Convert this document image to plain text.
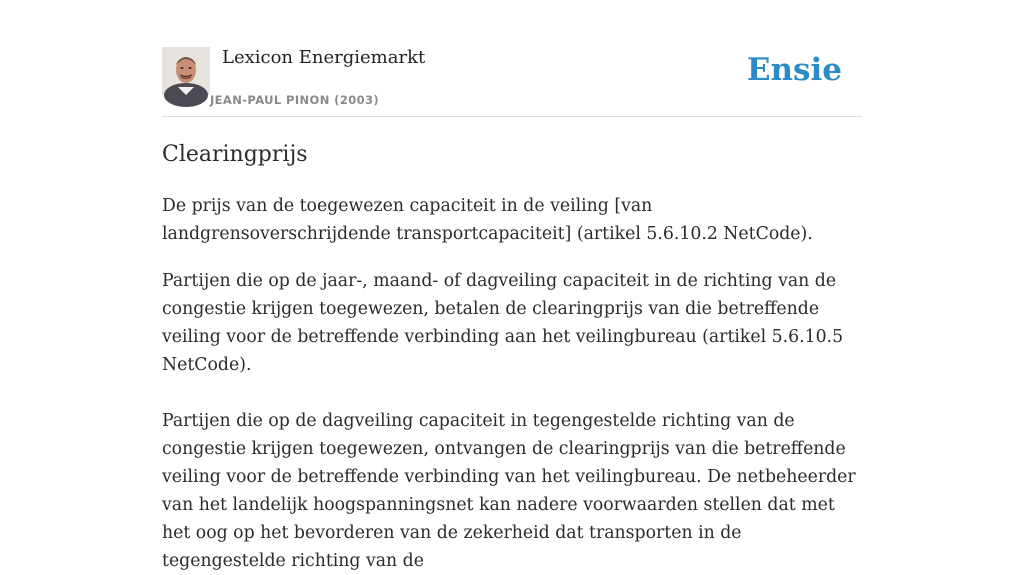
Lexicon Energiemarkt
JEAN-PAUL PINON (2003)
Ensie
Clearingprijs

De prijs van de toegewezen capaciteit in de veiling [van landgrensoverschrijdende transportcapaciteit] (artikel 5.6.10.2 NetCode).

Partijen die op de jaar-, maand- of dagveiling capaciteit in de richting van de congestie krijgen toegewezen, betalen de clearingprijs van die betreffende veiling voor de betreffende verbinding aan het veilingbureau (artikel 5.6.10.5 NetCode).

Partijen die op de dagveiling capaciteit in tegengestelde richting van de congestie krijgen toegewezen, ontvangen de clearingprijs van die betreffende veiling voor de betreffende verbinding van het veilingbureau. De netbeheerder van het landelijk hoogspanningsnet kan nadere voorwaarden stellen dat met het oog op het bevorderen van de zekerheid dat transporten in de tegengestelde richting van de
